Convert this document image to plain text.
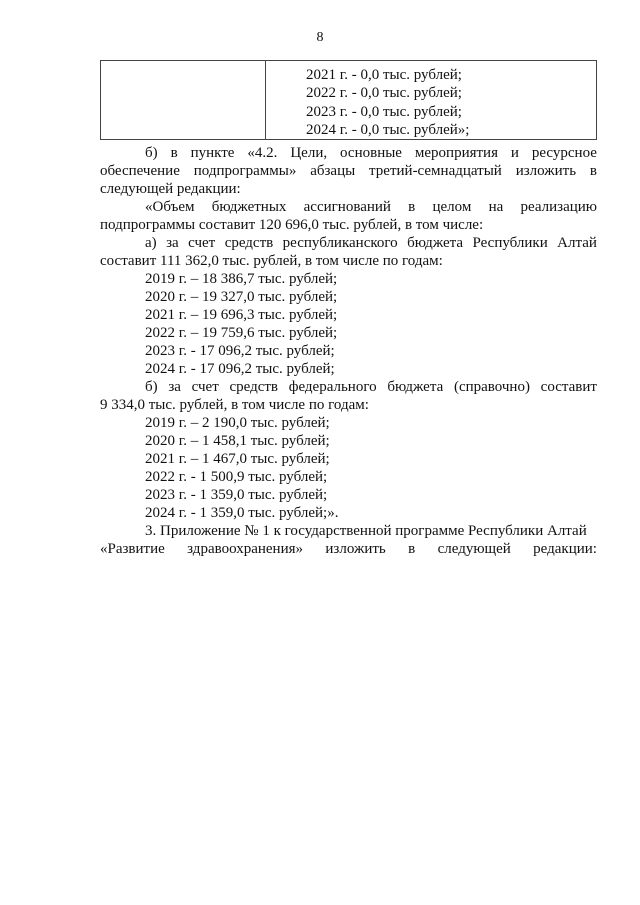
8
2021 г. - 0,0 тыс. рублей;
2022 г. - 0,0 тыс. рублей;
2023 г. - 0,0 тыс. рублей;
2024 г. - 0,0 тыс. рублей»;
б) в пункте «4.2. Цели, основные мероприятия и ресурсное

обеспечение подпрограммы» абзацы третий-семнадцатый изложить в следующей редакции:

«Объем бюджетных ассигнований в целом на реализацию

подпрограммы составит 120 696,0 тыс. рублей, в том числе:

а) за счет средств республиканского бюджета Республики Алтай

составит 111 362,0 тыс. рублей, в том числе по годам:

2019 г. – 18 386,7 тыс. рублей;
2020 г. – 19 327,0 тыс. рублей;
2021 г. – 19 696,3 тыс. рублей;
2022 г. – 19 759,6 тыс. рублей;
2023 г. - 17 096,2 тыс. рублей;
2024 г. - 17 096,2 тыс. рублей;
б) за счет средств федерального бюджета (справочно) составит

9 334,0 тыс. рублей, в том числе по годам:

2019 г. – 2 190,0 тыс. рублей;
2020 г. – 1 458,1 тыс. рублей;
2021 г. – 1 467,0 тыс. рублей;
2022 г. - 1 500,9 тыс. рублей;
2023 г. - 1 359,0 тыс. рублей;
2024 г. - 1 359,0 тыс. рублей;».
3. Приложение № 1 к государственной программе Республики Алтай
«Развитие здравоохранения» изложить в следующей редакции:
